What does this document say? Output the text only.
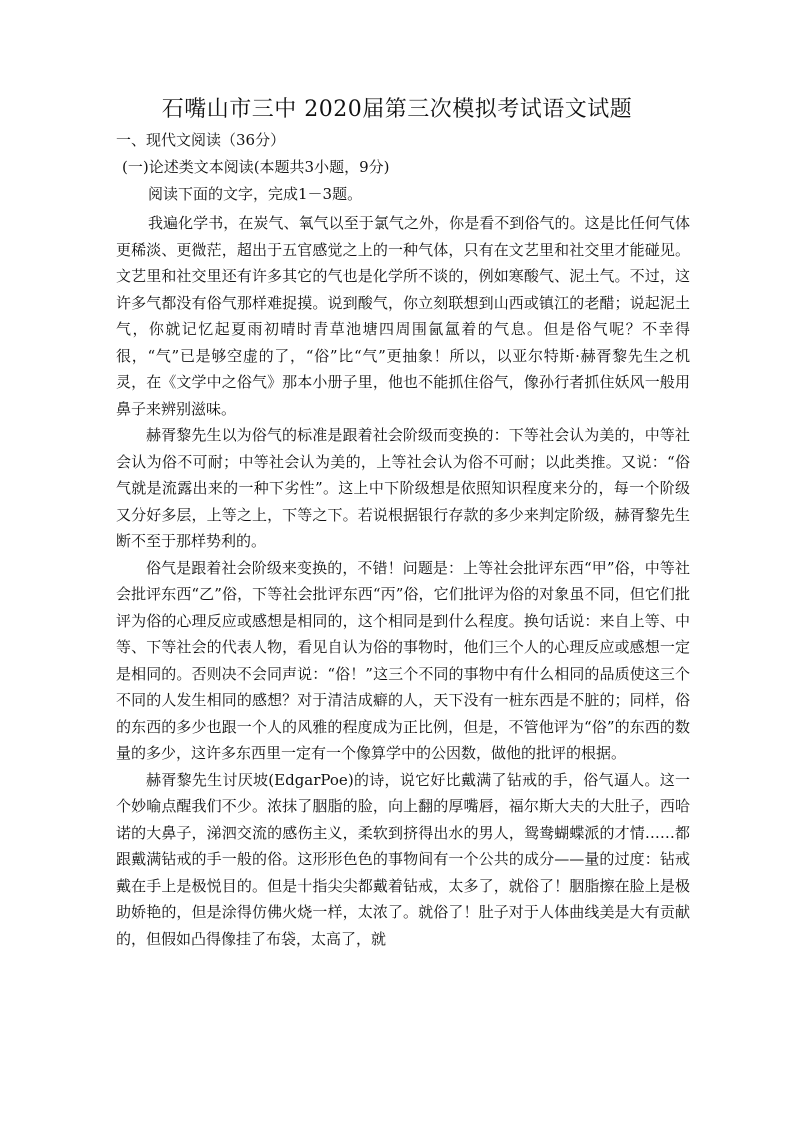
石嘴山市三中 2020届第三次模拟考试语文试题
一、现代文阅读（36分）
(一)论述类文本阅读(本题共3小题，9分)
阅读下面的文字，完成1－3题。

我遍化学书，在炭气、氧气以至于氯气之外，你是看不到俗气的。这是比任何气体更稀淡、更微茫，超出于五官感觉之上的一种气体，只有在文艺里和社交里才能碰见。文艺里和社交里还有许多其它的气也是化学所不谈的，例如寒酸气、泥土气。不过，这许多气都没有俗气那样难捉摸。说到酸气，你立刻联想到山西或镇江的老醋；说起泥土气，你就记忆起夏雨初晴时青草池塘四周围氤氲着的气息。但是俗气呢？不幸得很，“气”已是够空虚的了，“俗”比“气”更抽象！所以，以亚尔特斯·赫胥黎先生之机灵，在《文学中之俗气》那本小册子里，他也不能抓住俗气，像孙行者抓住妖风一般用鼻子来辨别滋味。

赫胥黎先生以为俗气的标准是跟着社会阶级而变换的：下等社会认为美的，中等社会认为俗不可耐；中等社会认为美的，上等社会认为俗不可耐；以此类推。又说：“俗气就是流露出来的一种下劣性”。这上中下阶级想是依照知识程度来分的，每一个阶级又分好多层，上等之上，下等之下。若说根据银行存款的多少来判定阶级，赫胥黎先生断不至于那样势利的。

俗气是跟着社会阶级来变换的，不错！问题是：上等社会批评东西“甲”俗，中等社会批评东西“乙”俗，下等社会批评东西“丙”俗，它们批评为俗的对象虽不同，但它们批评为俗的心理反应或感想是相同的，这个相同是到什么程度。换句话说：来自上等、中等、下等社会的代表人物，看见自认为俗的事物时，他们三个人的心理反应或感想一定是相同的。否则决不会同声说：“俗！”这三个不同的事物中有什么相同的品质使这三个不同的人发生相同的感想？对于清洁成癖的人，天下没有一桩东西是不脏的；同样，俗的东西的多少也跟一个人的风雅的程度成为正比例，但是，不管他评为“俗”的东西的数量的多少，这许多东西里一定有一个像算学中的公因数，做他的批评的根据。

赫胥黎先生讨厌坡(EdgarPoe)的诗，说它好比戴满了钻戒的手，俗气逼人。这一个妙喻点醒我们不少。浓抹了胭脂的脸，向上翻的厚嘴唇，福尔斯大夫的大肚子，西哈诺的大鼻子，涕泗交流的感伤主义，柔软到挤得出水的男人，鸳鸯蝴蝶派的才情……都跟戴满钻戒的手一般的俗。这形形色色的事物间有一个公共的成分——量的过度：钻戒戴在手上是极悦目的。但是十指尖尖都戴着钻戒，太多了，就俗了！胭脂擦在脸上是极助娇艳的，但是涂得仿佛火烧一样，太浓了。就俗了！肚子对于人体曲线美是大有贡献的，但假如凸得像挂了布袋，太高了，就
